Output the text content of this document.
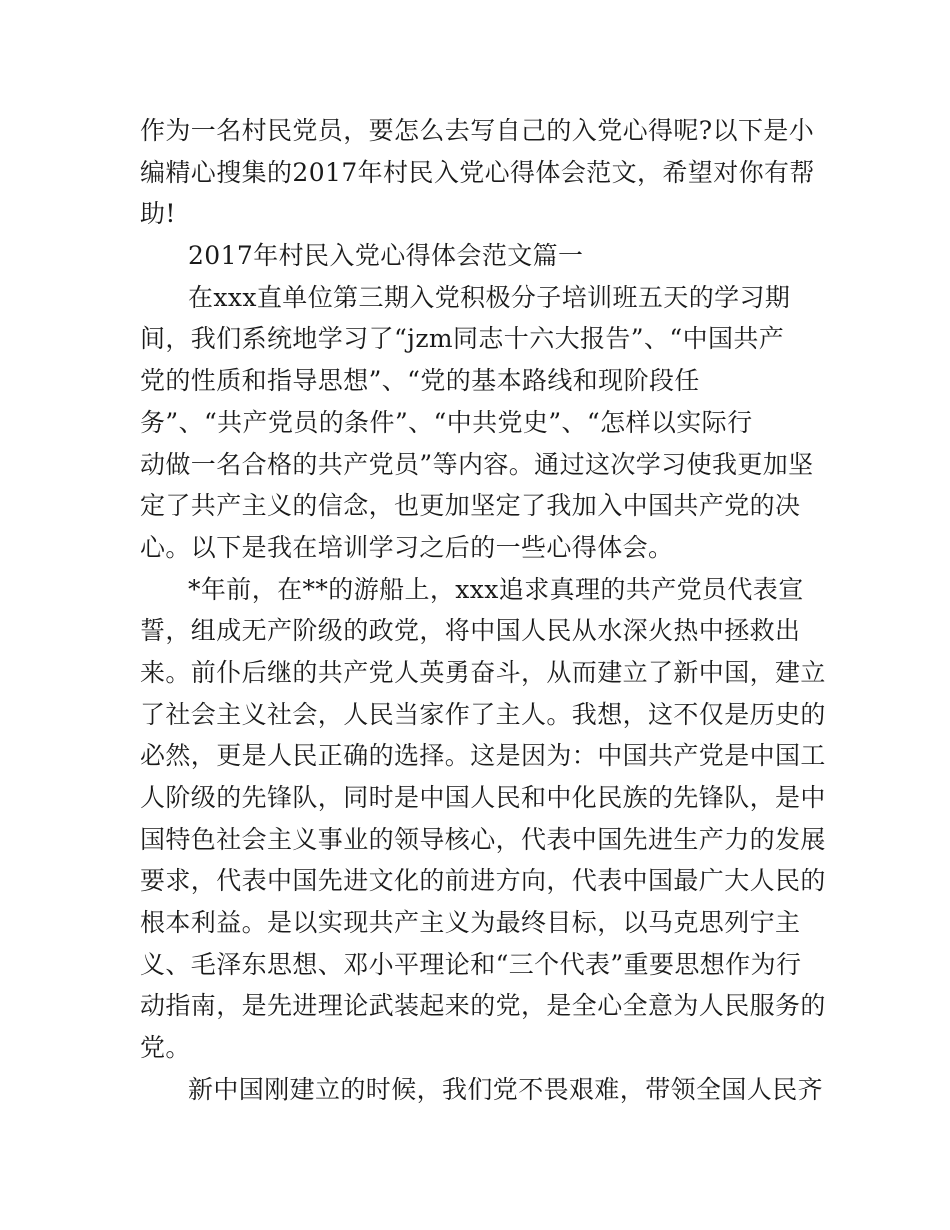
作为一名村民党员，要怎么去写自己的入党心得呢?以下是小
编精心搜集的2017年村民入党心得体会范文，希望对你有帮
助!
2017年村民入党心得体会范文篇一
在xxx直单位第三期入党积极分子培训班五天的学习期
间，我们系统地学习了“jzm同志十六大报告”、“中国共产
党的性质和指导思想”、“党的基本路线和现阶段任
务”、“共产党员的条件”、“中共党史”、“怎样以实际行
动做一名合格的共产党员”等内容。通过这次学习使我更加坚
定了共产主义的信念，也更加坚定了我加入中国共产党的决
心。以下是我在培训学习之后的一些心得体会。
*年前，在**的游船上，xxx追求真理的共产党员代表宣
誓，组成无产阶级的政党，将中国人民从水深火热中拯救出
来。前仆后继的共产党人英勇奋斗，从而建立了新中国，建立
了社会主义社会，人民当家作了主人。我想，这不仅是历史的
必然，更是人民正确的选择。这是因为：中国共产党是中国工
人阶级的先锋队，同时是中国人民和中化民族的先锋队，是中
国特色社会主义事业的领导核心，代表中国先进生产力的发展
要求，代表中国先进文化的前进方向，代表中国最广大人民的
根本利益。是以实现共产主义为最终目标，以马克思列宁主
义、毛泽东思想、邓小平理论和“三个代表”重要思想作为行
动指南，是先进理论武装起来的党，是全心全意为人民服务的
党。
新中国刚建立的时候，我们党不畏艰难，带领全国人民齐
